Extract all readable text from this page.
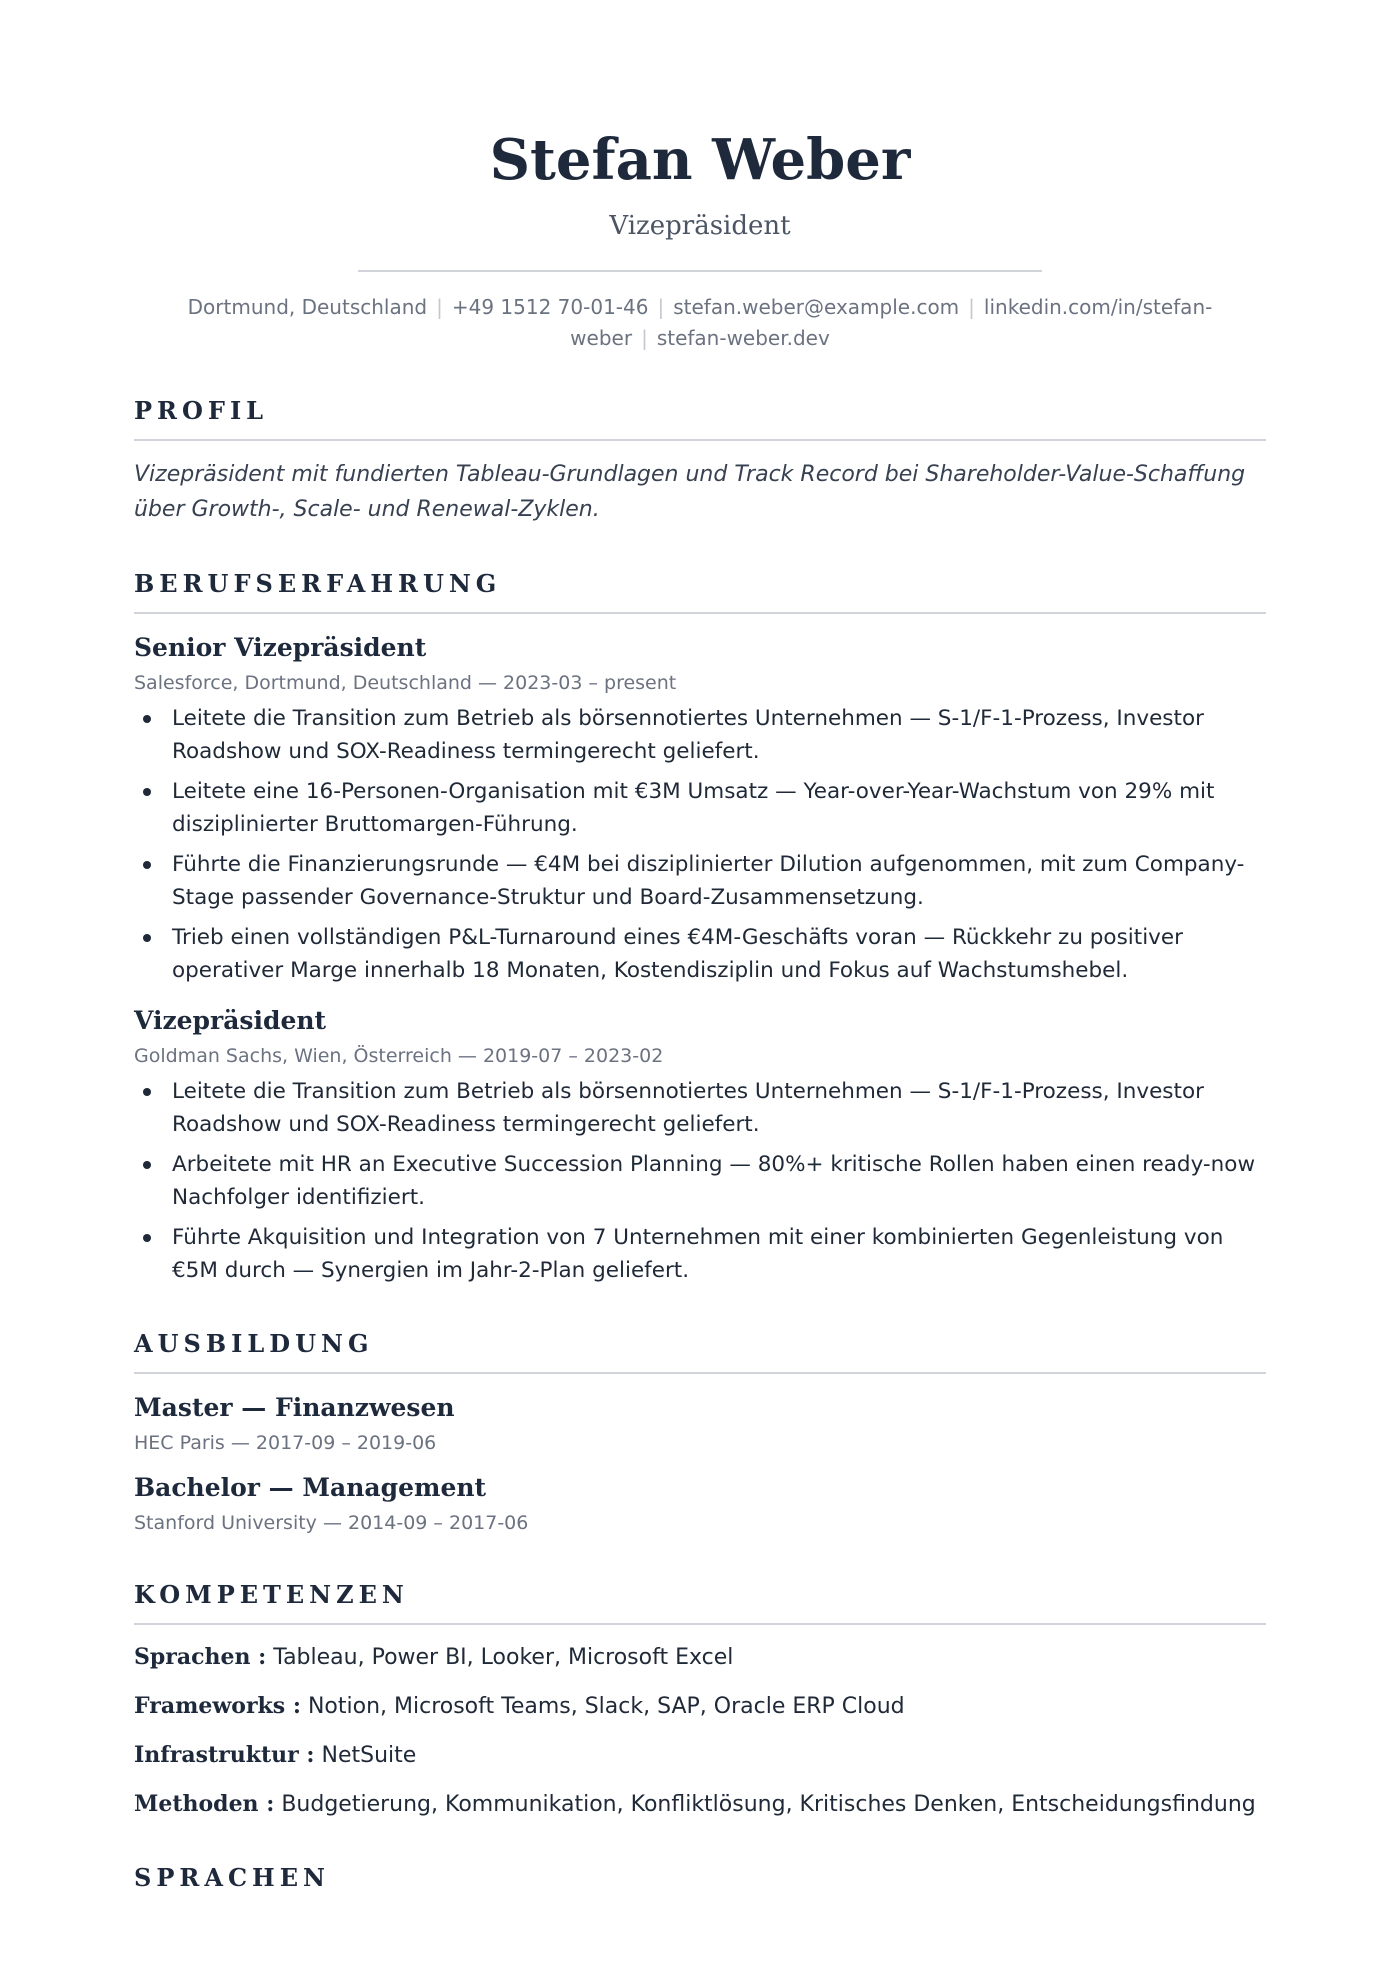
Stefan Weber
Vizepräsident
Dortmund, Deutschland | +49 1512 70-01-46 | stefan.weber@example.com | linkedin.com/in/stefan-weber | stefan-weber.dev
PROFIL

Vizepräsident mit fundierten Tableau-Grundlagen und Track Record bei Shareholder-Value-Schaffung über Growth-, Scale- und Renewal-Zyklen.

BERUFSERFAHRUNG
Senior Vizepräsident
Salesforce, Dortmund, Deutschland — 2023-03 – present
Leitete die Transition zum Betrieb als börsennotiertes Unternehmen — S-1/F-1-Prozess, Investor Roadshow und SOX-Readiness termingerecht geliefert.
Leitete eine 16-Personen-Organisation mit €3M Umsatz — Year-over-Year-Wachstum von 29% mit disziplinierter Bruttomargen-Führung.
Führte die Finanzierungsrunde — €4M bei disziplinierter Dilution aufgenommen, mit zum Company-Stage passender Governance-Struktur und Board-Zusammensetzung.
Trieb einen vollständigen P&L-Turnaround eines €4M-Geschäfts voran — Rückkehr zu positiver operativer Marge innerhalb 18 Monaten, Kostendisziplin und Fokus auf Wachstumshebel.
Vizepräsident
Goldman Sachs, Wien, Österreich — 2019-07 – 2023-02
Leitete die Transition zum Betrieb als börsennotiertes Unternehmen — S-1/F-1-Prozess, Investor Roadshow und SOX-Readiness termingerecht geliefert.
Arbeitete mit HR an Executive Succession Planning — 80%+ kritische Rollen haben einen ready-now Nachfolger identifiziert.
Führte Akquisition und Integration von 7 Unternehmen mit einer kombinierten Gegenleistung von €5M durch — Synergien im Jahr-2-Plan geliefert.
AUSBILDUNG
Master — Finanzwesen
HEC Paris — 2017-09 – 2019-06
Bachelor — Management
Stanford University — 2014-09 – 2017-06
KOMPETENZEN
Sprachen : Tableau, Power BI, Looker, Microsoft Excel
Frameworks : Notion, Microsoft Teams, Slack, SAP, Oracle ERP Cloud
Infrastruktur : NetSuite
Methoden : Budgetierung, Kommunikation, Konfliktlösung, Kritisches Denken, Entscheidungsfindung
SPRACHEN
